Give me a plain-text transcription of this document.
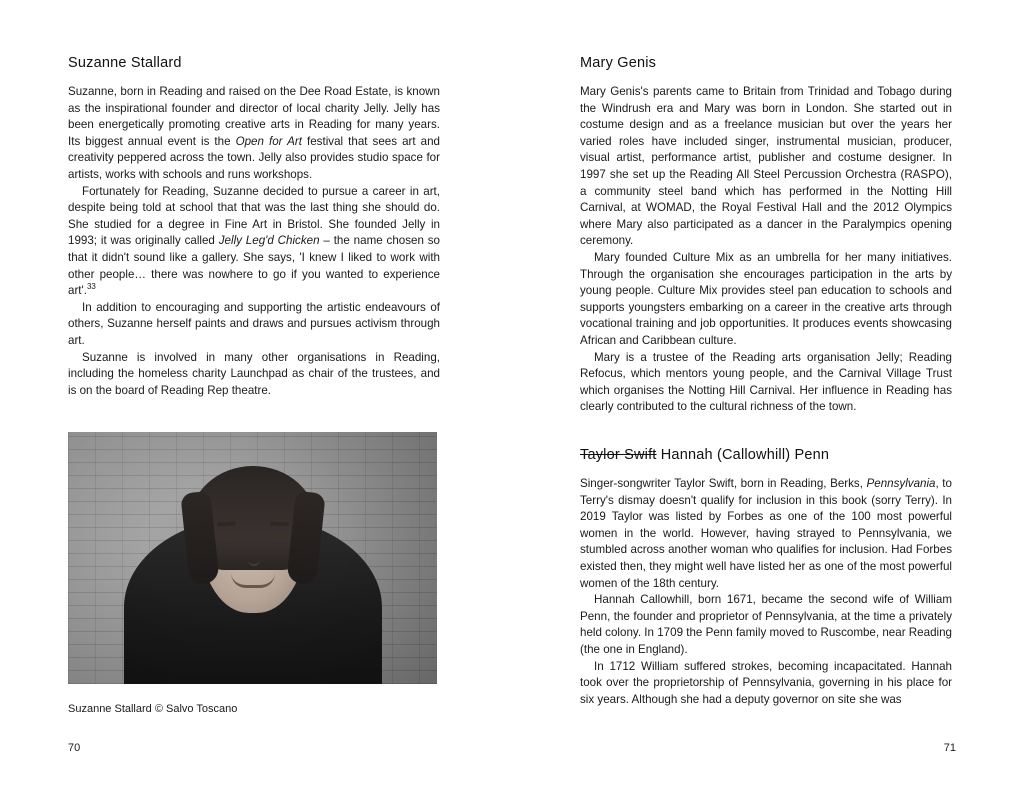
Suzanne Stallard

Suzanne, born in Reading and raised on the Dee Road Estate, is known as the inspirational founder and director of local charity Jelly. Jelly has been energetically promoting creative arts in Reading for many years. Its biggest annual event is the Open for Art festival that sees art and creativity peppered across the town. Jelly also provides studio space for artists, works with schools and runs workshops.

Fortunately for Reading, Suzanne decided to pursue a career in art, despite being told at school that that was the last thing she should do. She studied for a degree in Fine Art in Bristol. She founded Jelly in 1993; it was originally called Jelly Leg'd Chicken – the name chosen so that it didn't sound like a gallery. She says, 'I knew I liked to work with other people… there was nowhere to go if you wanted to experience art'.$^{33}$

In addition to encouraging and supporting the artistic endeavours of others, Suzanne herself paints and draws and pursues activism through art.

Suzanne is involved in many other organisations in Reading, including the homeless charity Launchpad as chair of the trustees, and is on the board of Reading Rep theatre.

Suzanne Stallard © Salvo Toscano
70
Mary Genis

Mary Genis's parents came to Britain from Trinidad and Tobago during the Windrush era and Mary was born in London. She started out in costume design and as a freelance musician but over the years her varied roles have included singer, instrumental musician, producer, visual artist, performance artist, publisher and costume designer. In 1997 she set up the Reading All Steel Percussion Orchestra (RASPO), a community steel band which has performed in the Notting Hill Carnival, at WOMAD, the Royal Festival Hall and the 2012 Olympics where Mary also participated as a dancer in the Paralympics opening ceremony.

Mary founded Culture Mix as an umbrella for her many initiatives. Through the organisation she encourages participation in the arts by young people. Culture Mix provides steel pan education to schools and supports youngsters embarking on a career in the creative arts through vocational training and job opportunities. It produces events showcasing African and Caribbean culture.

Mary is a trustee of the Reading arts organisation Jelly; Reading Refocus, which mentors young people, and the Carnival Village Trust which organises the Notting Hill Carnival. Her influence in Reading has clearly contributed to the cultural richness of the town.

Taylor Swift Hannah (Callowhill) Penn

Singer-songwriter Taylor Swift, born in Reading, Berks, Pennsylvania, to Terry's dismay doesn't qualify for inclusion in this book (sorry Terry). In 2019 Taylor was listed by Forbes as one of the 100 most powerful women in the world. However, having strayed to Pennsylvania, we stumbled across another woman who qualifies for inclusion. Had Forbes existed then, they might well have listed her as one of the most powerful women of the 18th century.

Hannah Callowhill, born 1671, became the second wife of William Penn, the founder and proprietor of Pennsylvania, at the time a privately held colony. In 1709 the Penn family moved to Ruscombe, near Reading (the one in England).

In 1712 William suffered strokes, becoming incapacitated. Hannah took over the proprietorship of Pennsylvania, governing in his place for six years. Although she had a deputy governor on site she was

71
